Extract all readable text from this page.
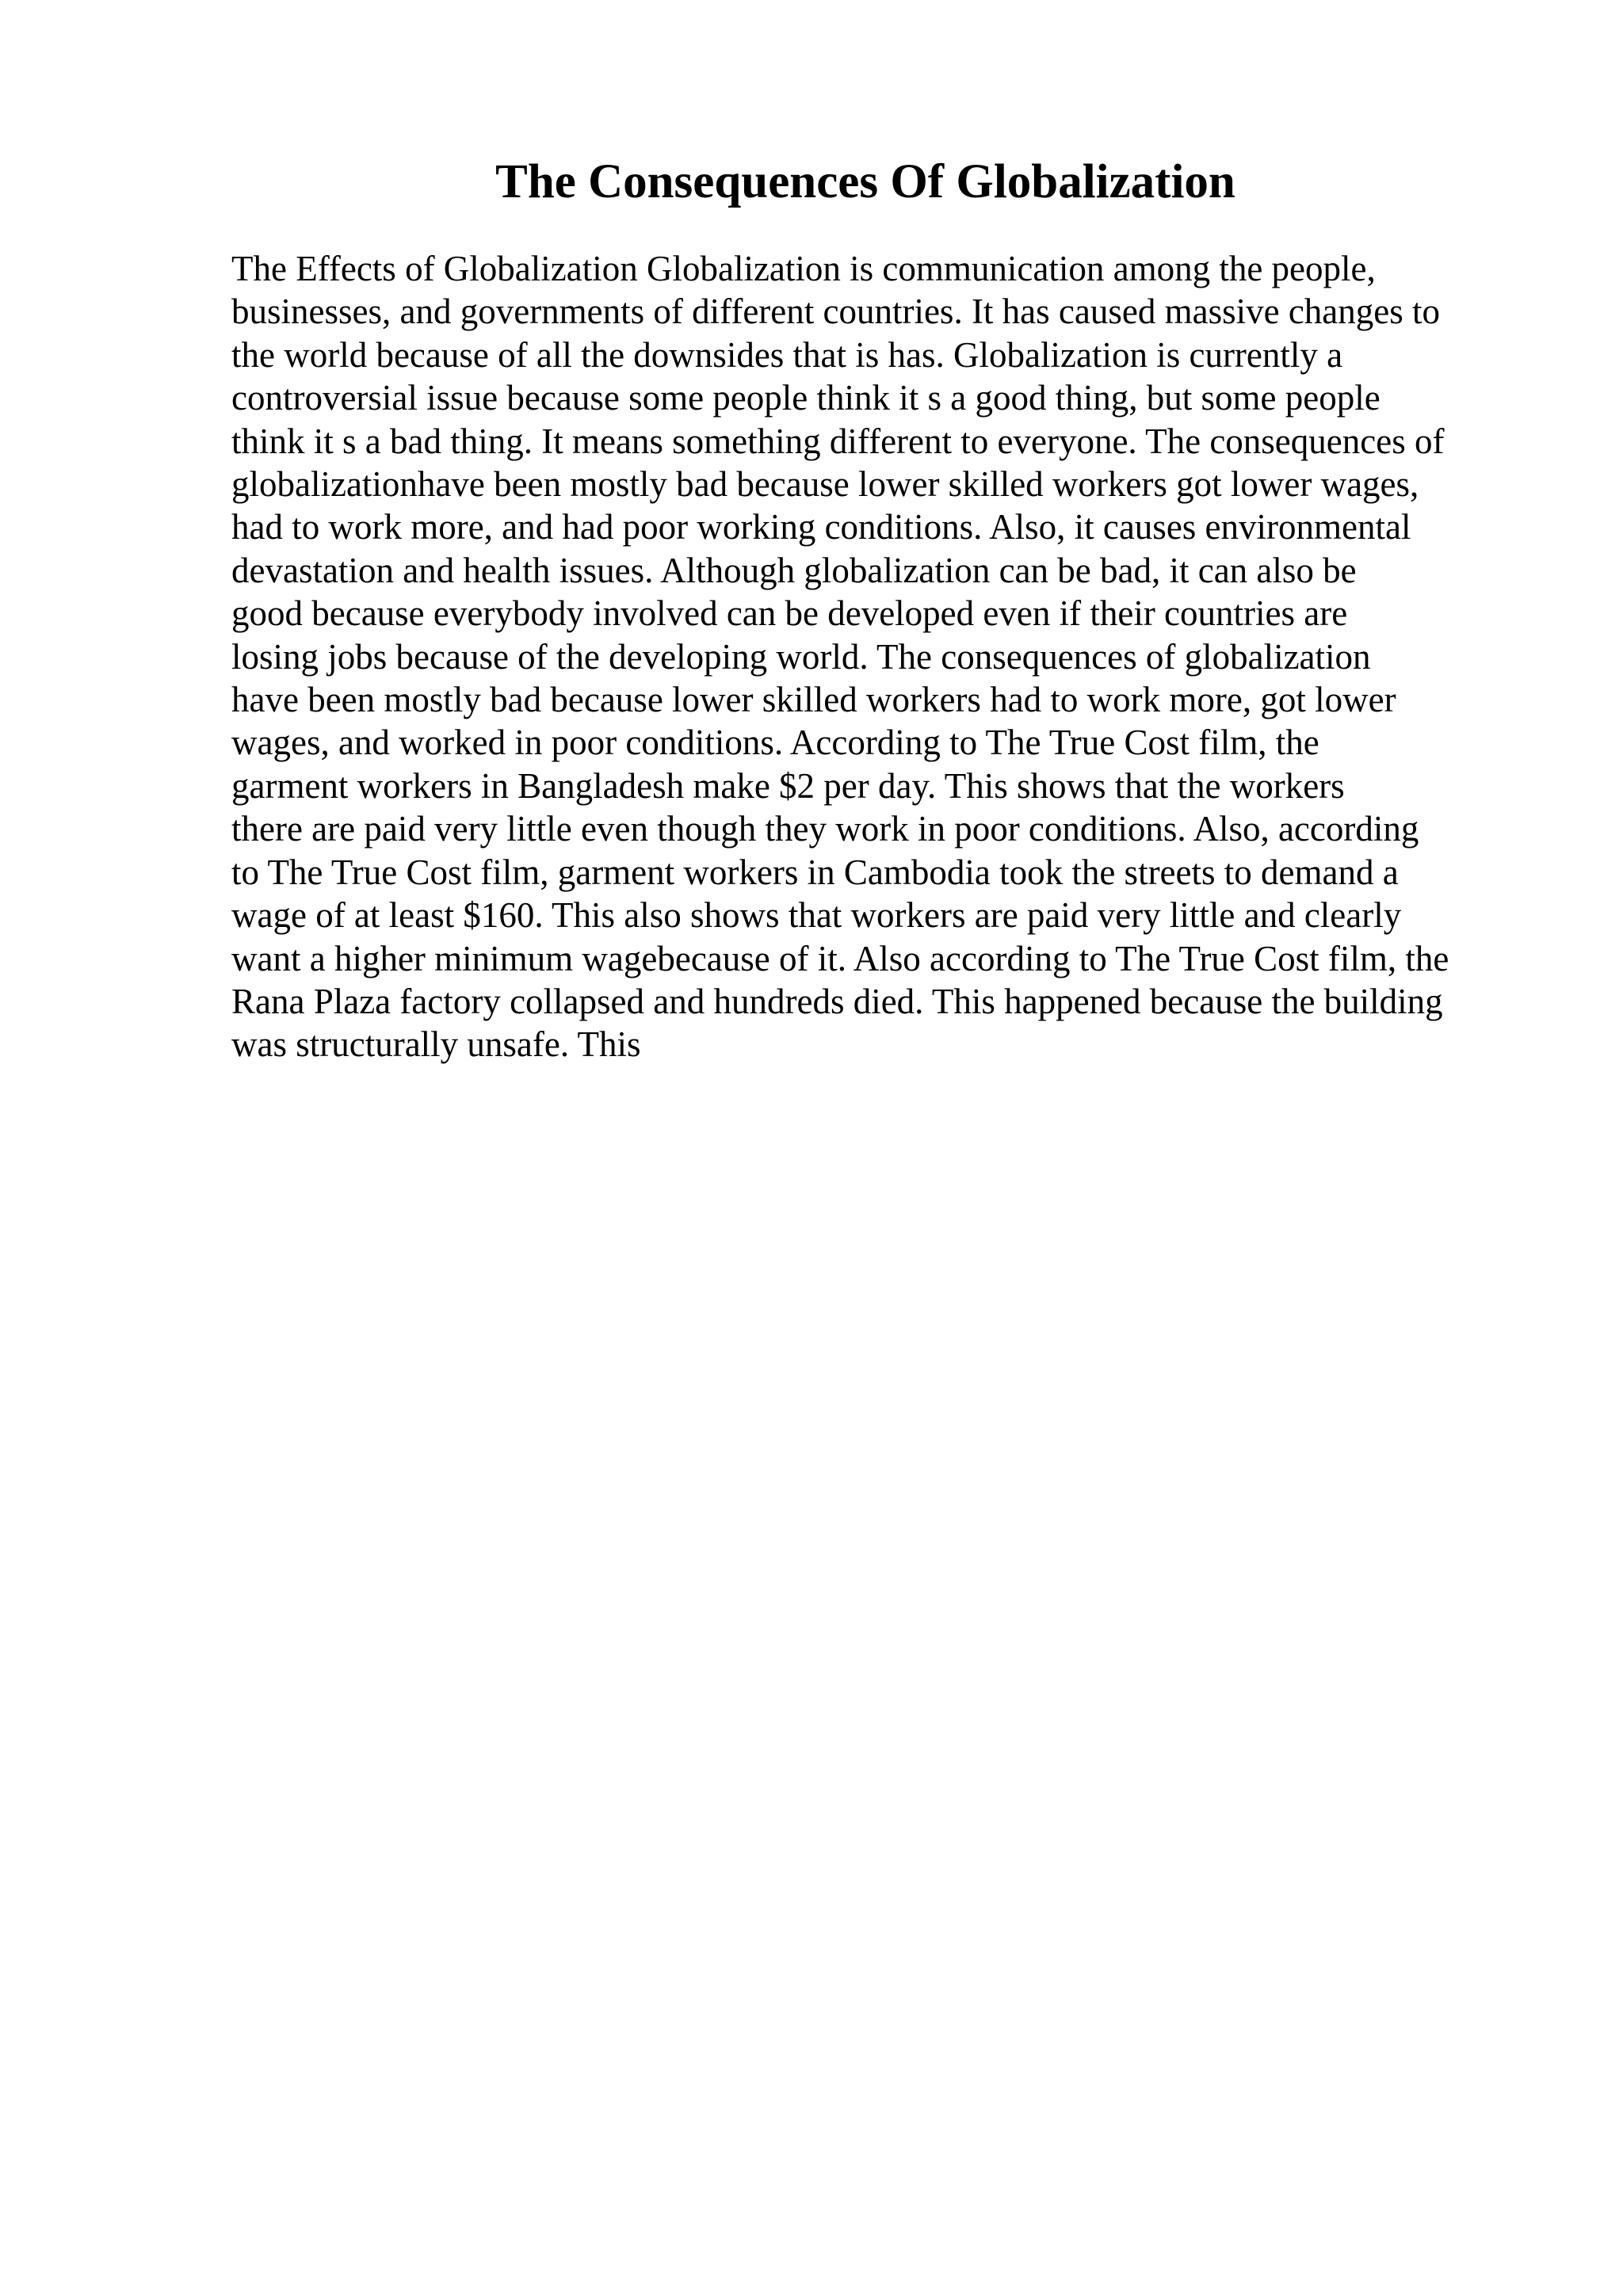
The Consequences Of Globalization
The Effects of Globalization Globalization is communication among the people,
businesses, and governments of different countries. It has caused massive changes to
the world because of all the downsides that is has. Globalization is currently a
controversial issue because some people think it s a good thing, but some people
think it s a bad thing. It means something different to everyone. The consequences of
globalizationhave been mostly bad because lower skilled workers got lower wages,
had to work more, and had poor working conditions. Also, it causes environmental
devastation and health issues. Although globalization can be bad, it can also be
good because everybody involved can be developed even if their countries are
losing jobs because of the developing world. The consequences of globalization
have been mostly bad because lower skilled workers had to work more, got lower
wages, and worked in poor conditions. According to The True Cost film, the
garment workers in Bangladesh make $2 per day. This shows that the workers
there are paid very little even though they work in poor conditions. Also, according
to The True Cost film, garment workers in Cambodia took the streets to demand a
wage of at least $160. This also shows that workers are paid very little and clearly
want a higher minimum wagebecause of it. Also according to The True Cost film, the
Rana Plaza factory collapsed and hundreds died. This happened because the building
was structurally unsafe. This
